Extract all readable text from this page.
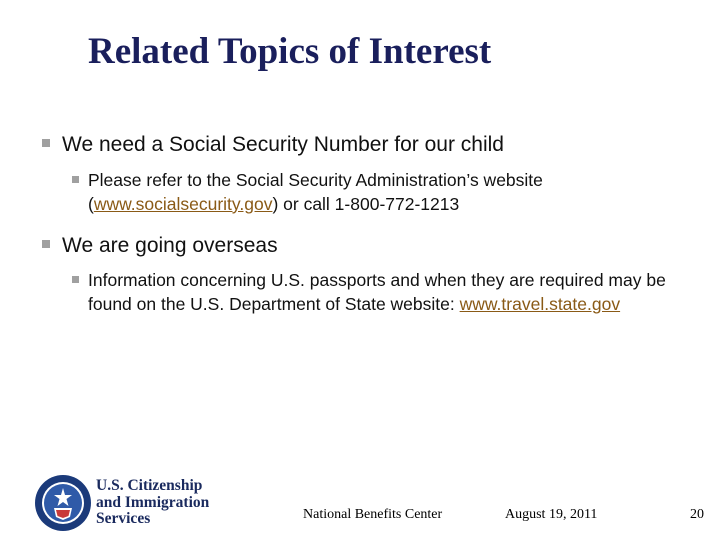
Related Topics of Interest
We need a Social Security Number for our child
Please refer to the Social Security Administration’s website (www.socialsecurity.gov) or call 1-800-772-1213
We are going overseas
Information concerning U.S. passports and when they are required may be found on the U.S. Department of State website: www.travel.state.gov
U.S. Citizenship
and Immigration
Services	National Benefits Center	August 19, 2011	20
